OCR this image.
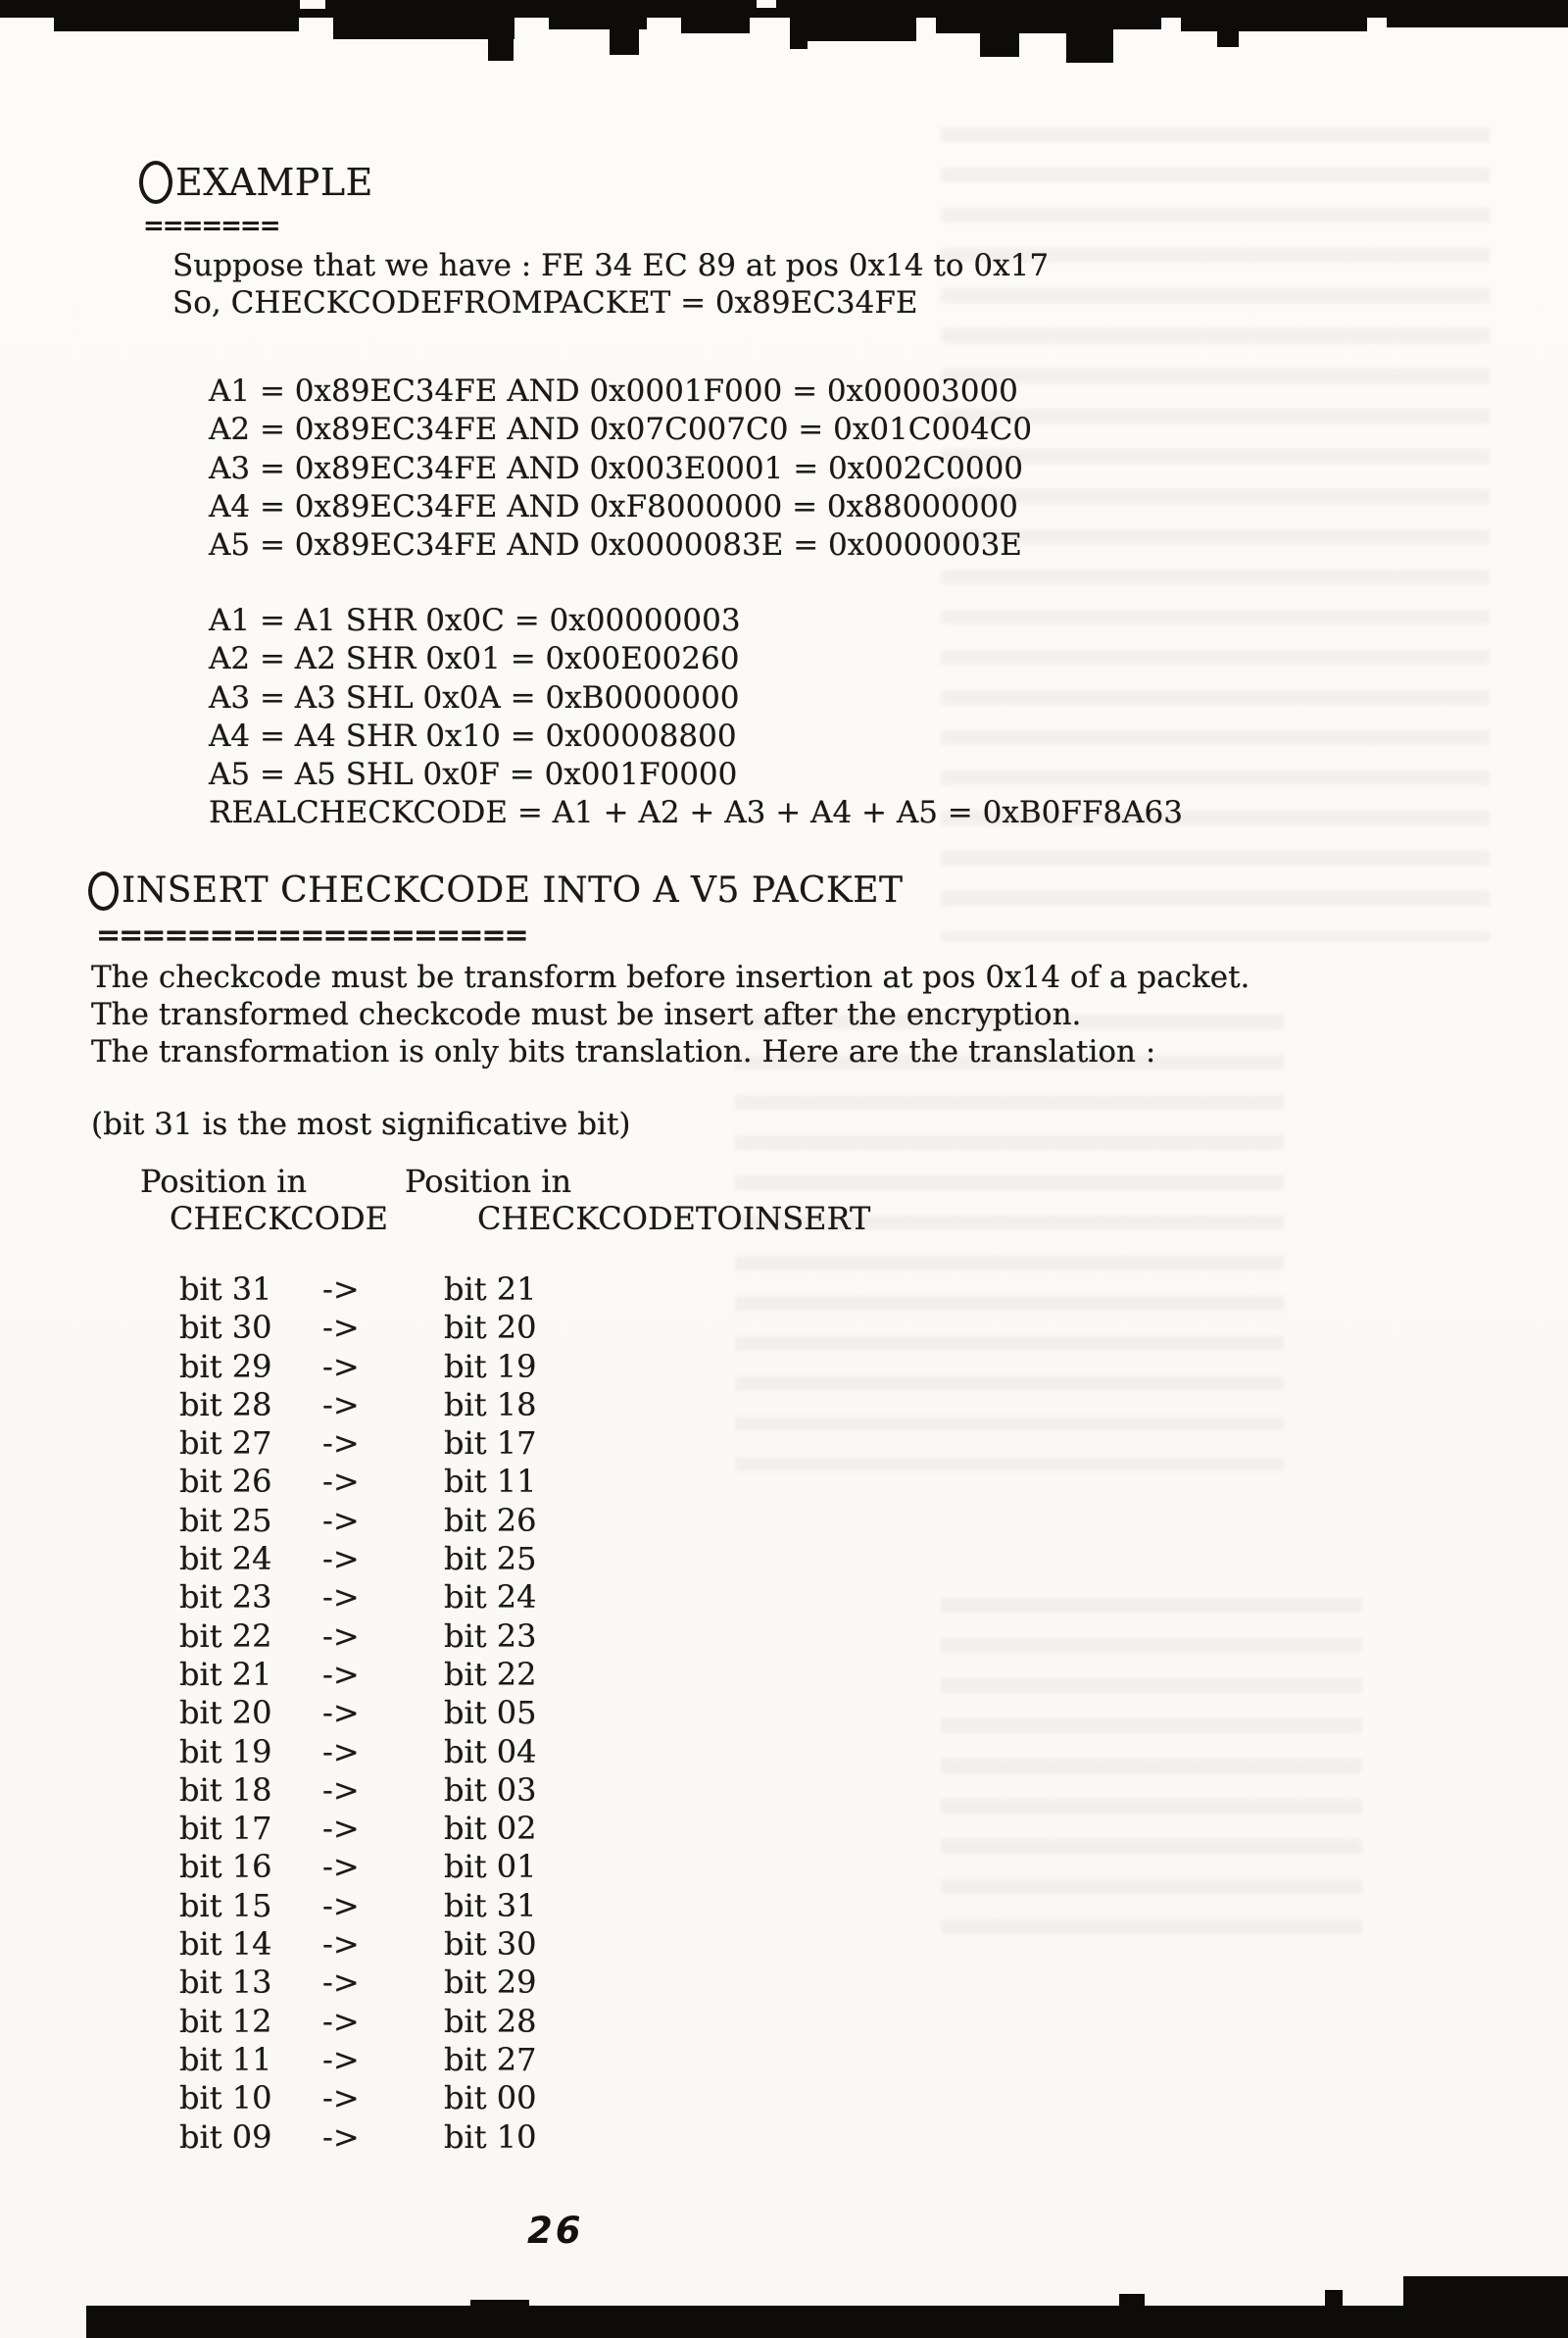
EXAMPLE
=======
Suppose that we have : FE 34 EC 89 at pos 0x14 to 0x17
So, CHECKCODEFROMPACKET = 0x89EC34FE
A1 = 0x89EC34FE AND 0x0001F000 = 0x00003000
A2 = 0x89EC34FE AND 0x07C007C0 = 0x01C004C0
A3 = 0x89EC34FE AND 0x003E0001 = 0x002C0000
A4 = 0x89EC34FE AND 0xF8000000 = 0x88000000
A5 = 0x89EC34FE AND 0x0000083E = 0x0000003E
A1 = A1 SHR 0x0C = 0x00000003
A2 = A2 SHR 0x01 = 0x00E00260
A3 = A3 SHL 0x0A = 0xB0000000
A4 = A4 SHR 0x10 = 0x00008800
A5 = A5 SHL 0x0F = 0x001F0000
REALCHECKCODE = A1 + A2 + A3 + A4 + A5 = 0xB0FF8A63
INSERT CHECKCODE INTO A V5 PACKET
===================
The checkcode must be transform before insertion at pos 0x14 of a packet.
The transformed checkcode must be insert after the encryption.
The transformation is only bits translation. Here are the translation :
(bit 31 is the most significative bit)
Position in	Position in
CHECKCODE	CHECKCODETOINSERT
bit 31 ->	bit 21
bit 30 ->	bit 20
bit 29 ->	bit 19
bit 28 ->	bit 18
bit 27 ->	bit 17
bit 26 ->	bit 11
bit 25 ->	bit 26
bit 24 ->	bit 25
bit 23 ->	bit 24
bit 22 ->	bit 23
bit 21 ->	bit 22
bit 20 ->	bit 05
bit 19 ->	bit 04
bit 18 ->	bit 03
bit 17 ->	bit 02
bit 16 ->	bit 01
bit 15 ->	bit 31
bit 14 ->	bit 30
bit 13 ->	bit 29
bit 12 ->	bit 28
bit 11 ->	bit 27
bit 10 ->	bit 00
bit 09 ->	bit 10
26
